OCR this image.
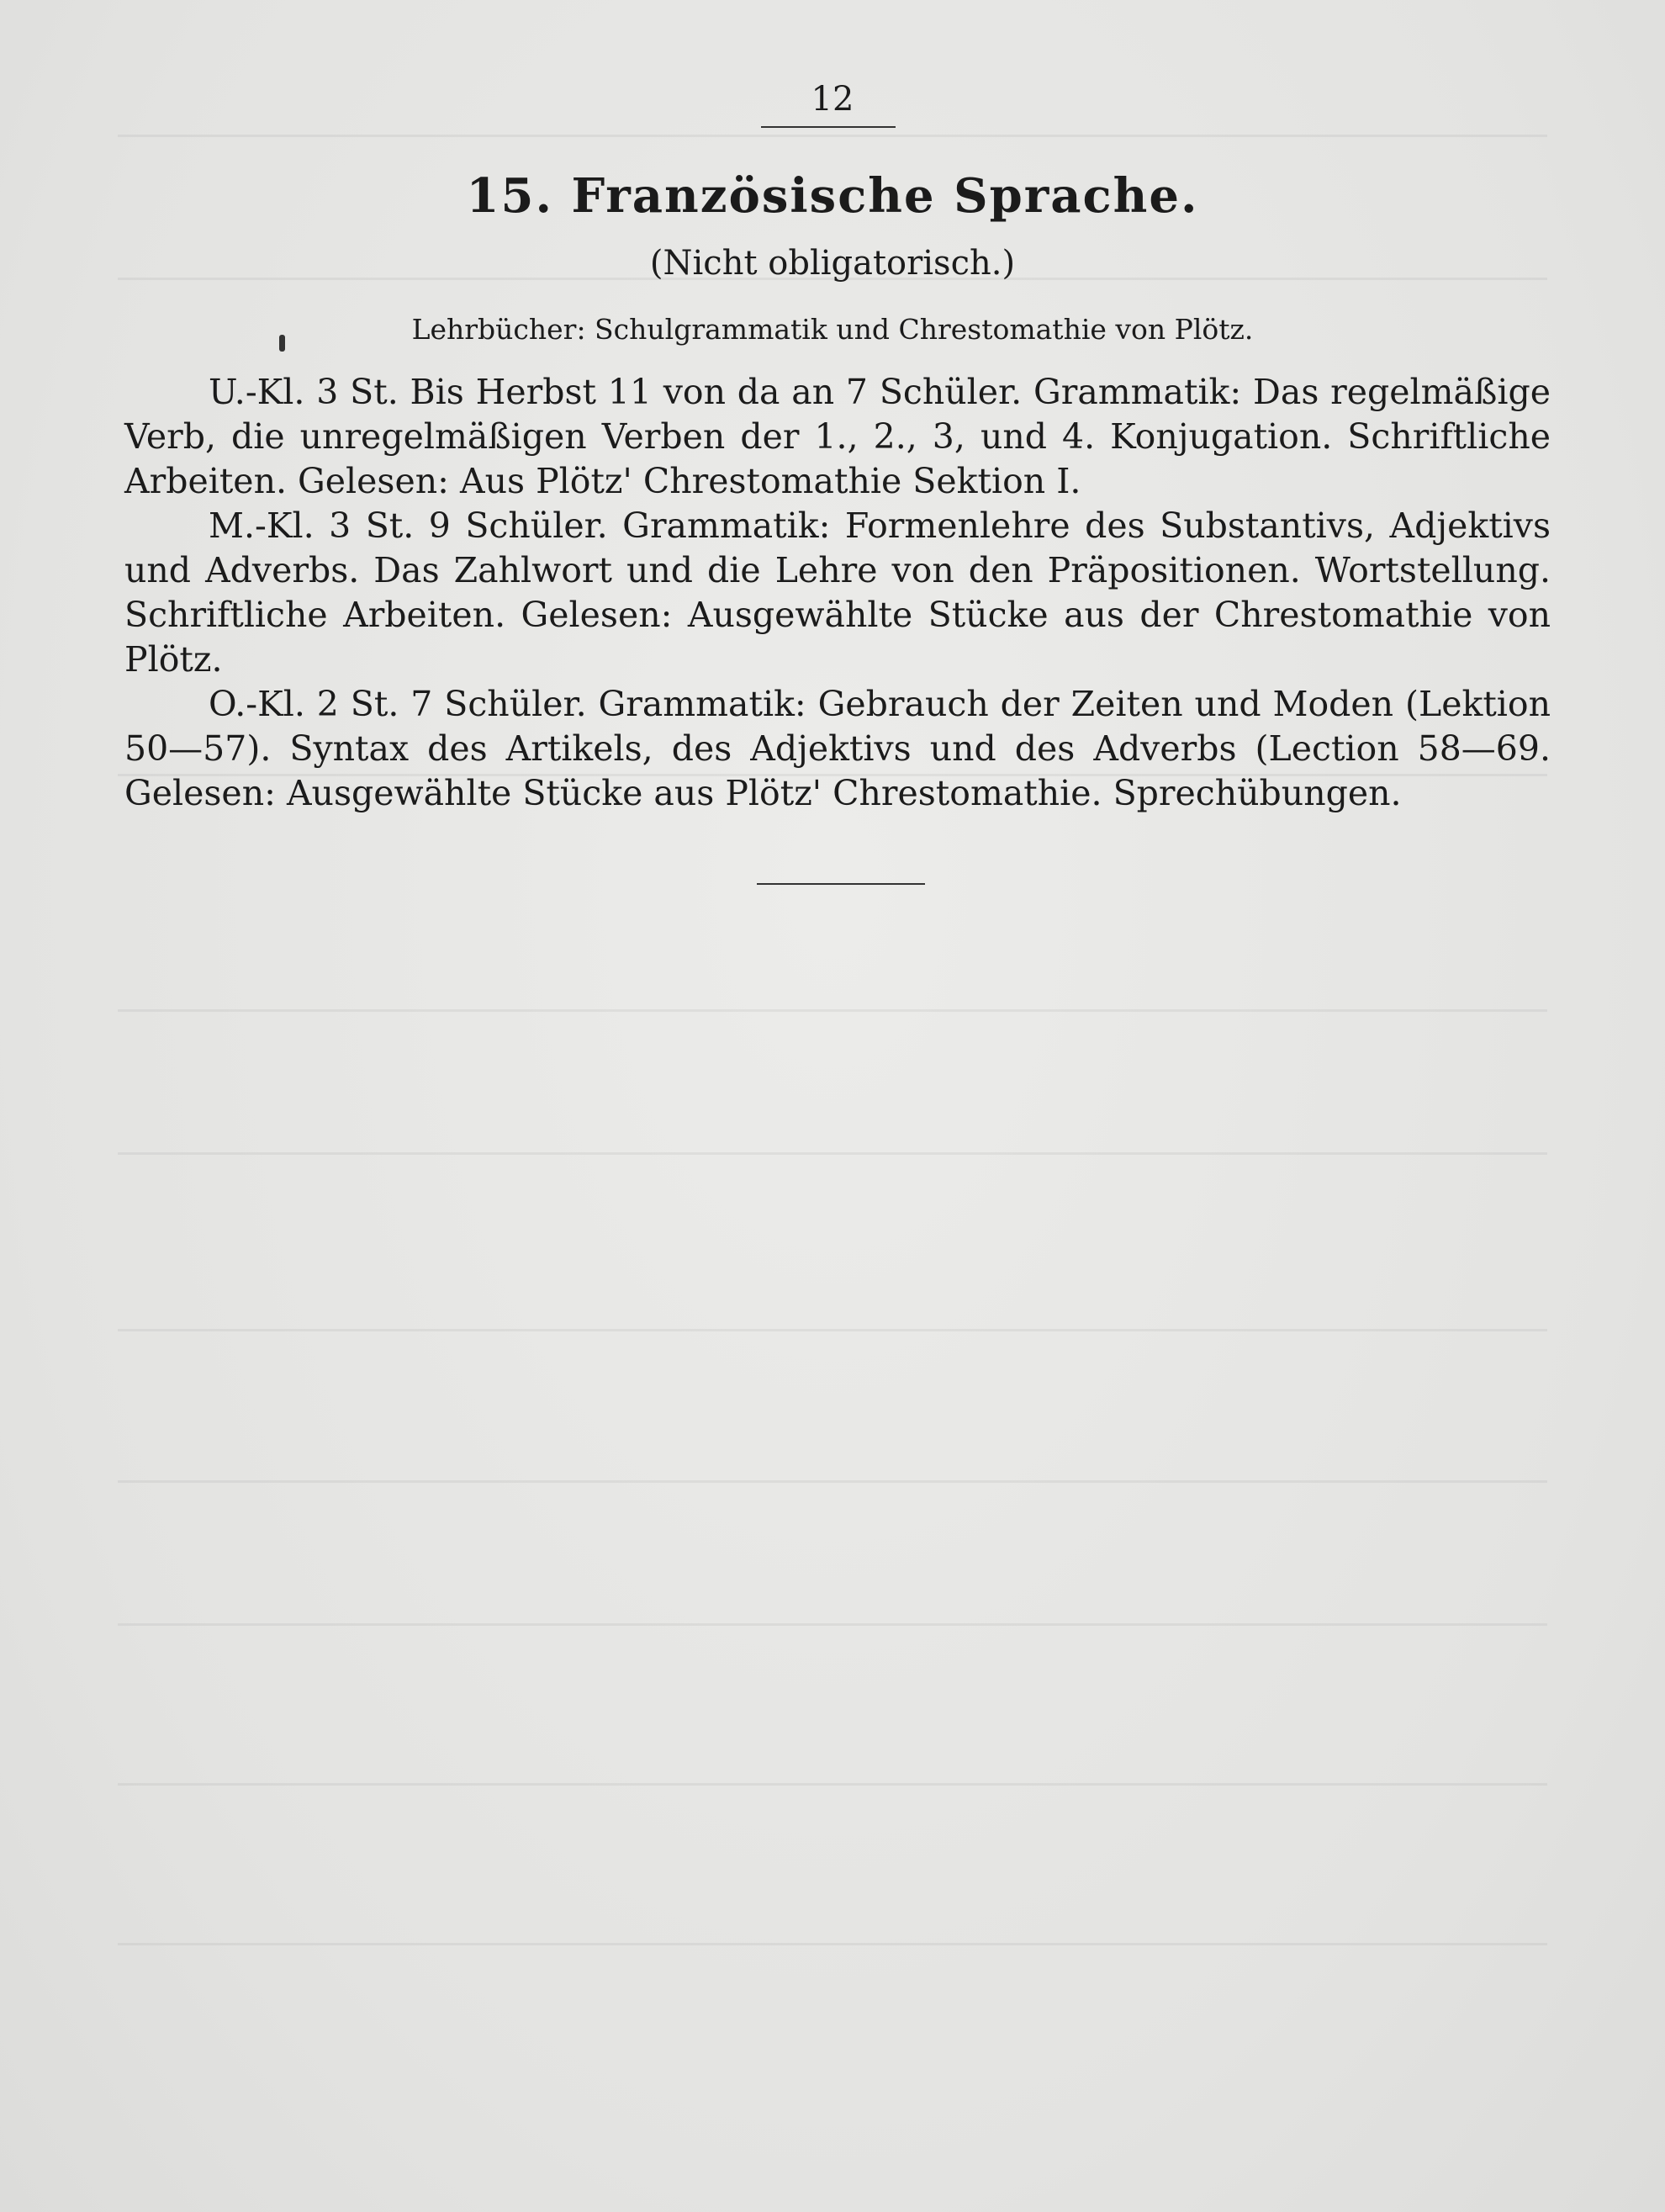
12
15. Französische Sprache.
(Nicht obligatorisch.)
Lehrbücher: Schulgrammatik und Chrestomathie von Plötz.

U.-Kl. 3 St. Bis Herbst 11 von da an 7 Schüler. Grammatik: Das regelmäßige Verb, die unregelmäßigen Verben der 1., 2., 3, und 4. Konjugation. Schriftliche Arbeiten. Gelesen: Aus Plötz' Chrestomathie Sektion I.

M.-Kl. 3 St. 9 Schüler. Grammatik: Formenlehre des Substantivs, Adjektivs und Adverbs. Das Zahlwort und die Lehre von den Präpositionen. Wortstellung. Schriftliche Arbeiten. Gelesen: Ausgewählte Stücke aus der Chrestomathie von Plötz.

O.-Kl. 2 St. 7 Schüler. Grammatik: Gebrauch der Zeiten und Moden (Lektion 50—57). Syntax des Artikels, des Adjektivs und des Adverbs (Lection 58—69. Gelesen: Ausgewählte Stücke aus Plötz' Chrestomathie. Sprechübungen.
